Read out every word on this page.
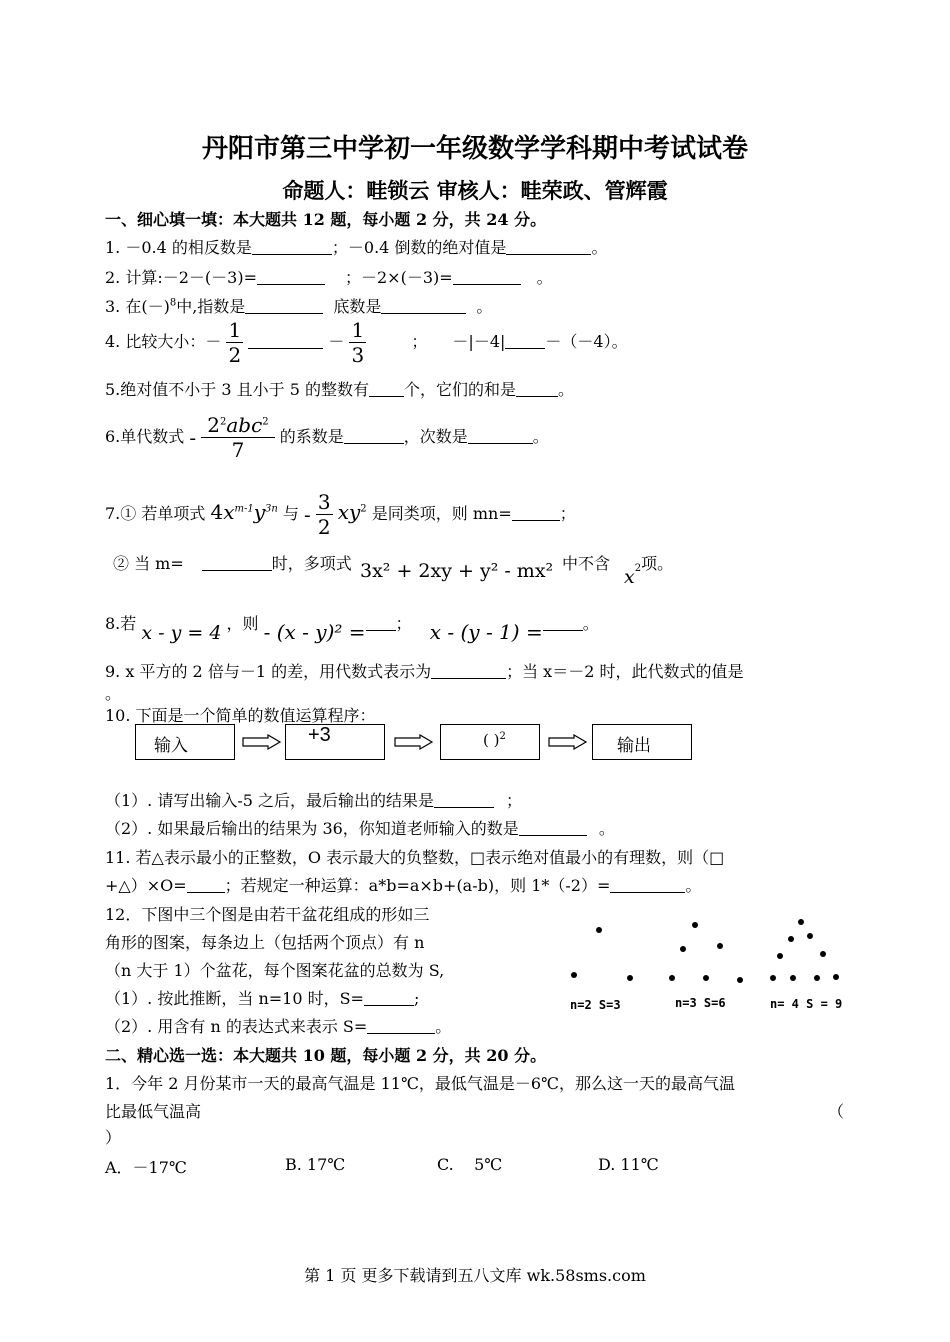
丹阳市第三中学初一年级数学学科期中考试试卷
命题人：畦锁云 审核人：畦荣政、管辉霞
一、细心填一填：本大题共 12 题，每小题 2 分，共 24 分。
1. －0.4 的相反数是	；－0.4 倒数的绝对值是	。
2. 计算:－2－(－3)=	；－2×(－3)=	。
3. 在$(-)^8$中,指数是	底数是	。
4. 比较大小：－ $\frac{1}{2}$	－ $\frac{1}{3}$	； －|－4|	－（－4）。
5.绝对值不小于 3 且小于 5 的整数有 个，它们的和是	。
6.单代数式 - $\frac{2^2abc^2}{7}$ 的系数是	，次数是	。
7.① 若单项式 $4x^{m-1}y^{3n}$ 与 - $\frac{3}{2} xy^2$ 是同类项，则 mn=	；
② 当 m=	时，多项式 3x² + 2xy + y² - mx² 中不含$x^2$项。
8.若 x - y = 4 ，则 - (x - y)² = ； x - (y - 1) =	。
9. x 平方的 2 倍与－1 的差，用代数式表示为	；当 x＝－2 时，此代数式的值是
。
10. 下面是一个简单的数值运算程序：
输入	+3	( )$^2$	输出
（1）. 请写出输入-5 之后，最后输出的结果是	；
（2）. 如果最后输出的结果为 36，你知道老师输入的数是	。
11. 若△表示最小的正整数，O 表示最大的负整数，□表示绝对值最小的有理数，则（□
+△）×O= ；若规定一种运算：a*b=a×b+(a-b)，则 1*（-2）=	。
12．下图中三个图是由若干盆花组成的形如三
角形的图案，每条边上（包括两个顶点）有 n
（n 大于 1）个盆花，每个图案花盆的总数为 S,
（1）. 按此推断，当 n=10 时，S=	;
（2）. 用含有 n 的表达式来表示 S=	。
n=2 S=3	n=3 S=6	n= 4 S = 9
二、精心选一选：本大题共 10 题，每小题 2 分，共 20 分。
1．今年 2 月份某市一天的最高气温是 11℃，最低气温是－6℃，那么这一天的最高气温
比最低气温高	（
）
A．－17℃	B. 17℃	C.    5℃	D. 11℃
第 1 页 更多下载请到五八文库 wk.58sms.com
